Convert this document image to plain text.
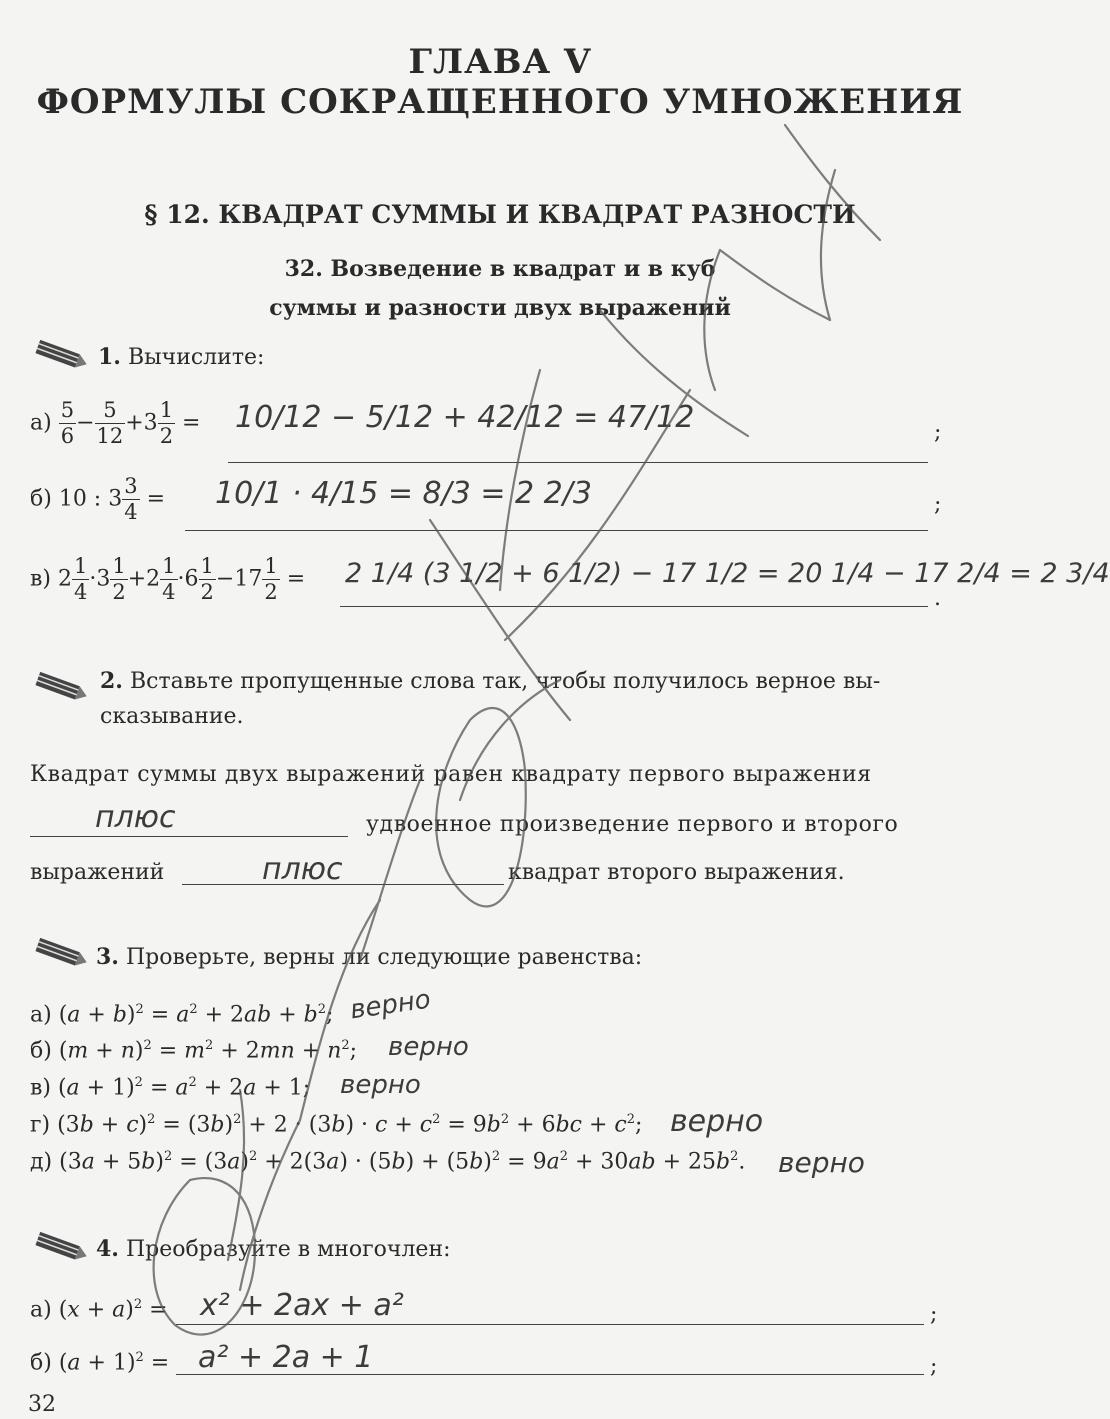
ГЛАВА V
ФОРМУЛЫ СОКРАЩЕННОГО УМНОЖЕНИЯ
§ 12. КВАДРАТ СУММЫ И КВАДРАТ РАЗНОСТИ
32. Возведение в квадрат и в куб
суммы и разности двух выражений
1. Вычислите:
$а) \frac{5}{6} - \frac{5}{12} +3 \frac{1}{2} = 10/12 - 5/12 + 42/12 = 47/12$	;
б) 10 : $3 \frac{3}{4} = 10/1 \cdot 4/15 = 8/3 = 2$ 2/3	;
в) $2 \frac{1}{4} \cdot 3 \frac{1}{2} +2 \frac{1}{4} \cdot 6 \frac{1}{2} -17 \frac{1}{2} = 2$ 1/4 (3 1/2 + 6 1/2) − 17 1/2 = 20 1/4 − 17 2/4 = 2 3/4
.
2. Вставьте пропущенные слова так, чтобы получилось верное вы-
сказывание.
Квадрат суммы двух выражений равен квадрату первого выражения
плюс	удвоенное произведение первого и второго
выражений	плюс	квадрат второго выражения.
3. Проверьте, верны ли следующие равенства:
а) $(a + b)^2 = a^2 + 2ab + b^2$; верно
б) $(m + n)^2 = m^2 + 2mn + n^2$; верно
в) $(a + 1)^2 = a^2 + 2a + 1$; верно
г) $(3b + c)^2 = (3b)^2 + 2 \cdot (3b) \cdot c + c^2 = 9b^2 + 6bc + c^2$; верно
д) $(3a + 5b)^2 = (3a)^2 + 2(3a) \cdot (5b) + (5b)^2 = 9a^2 + 30ab + 25b^2$. верно
4. Преобразуйте в многочлен:
а) $(x + a)^2 = x^2 + 2ax + a^2$	;
б) $(a + 1)^2 = a^2 + 2a + 1$	;
32
